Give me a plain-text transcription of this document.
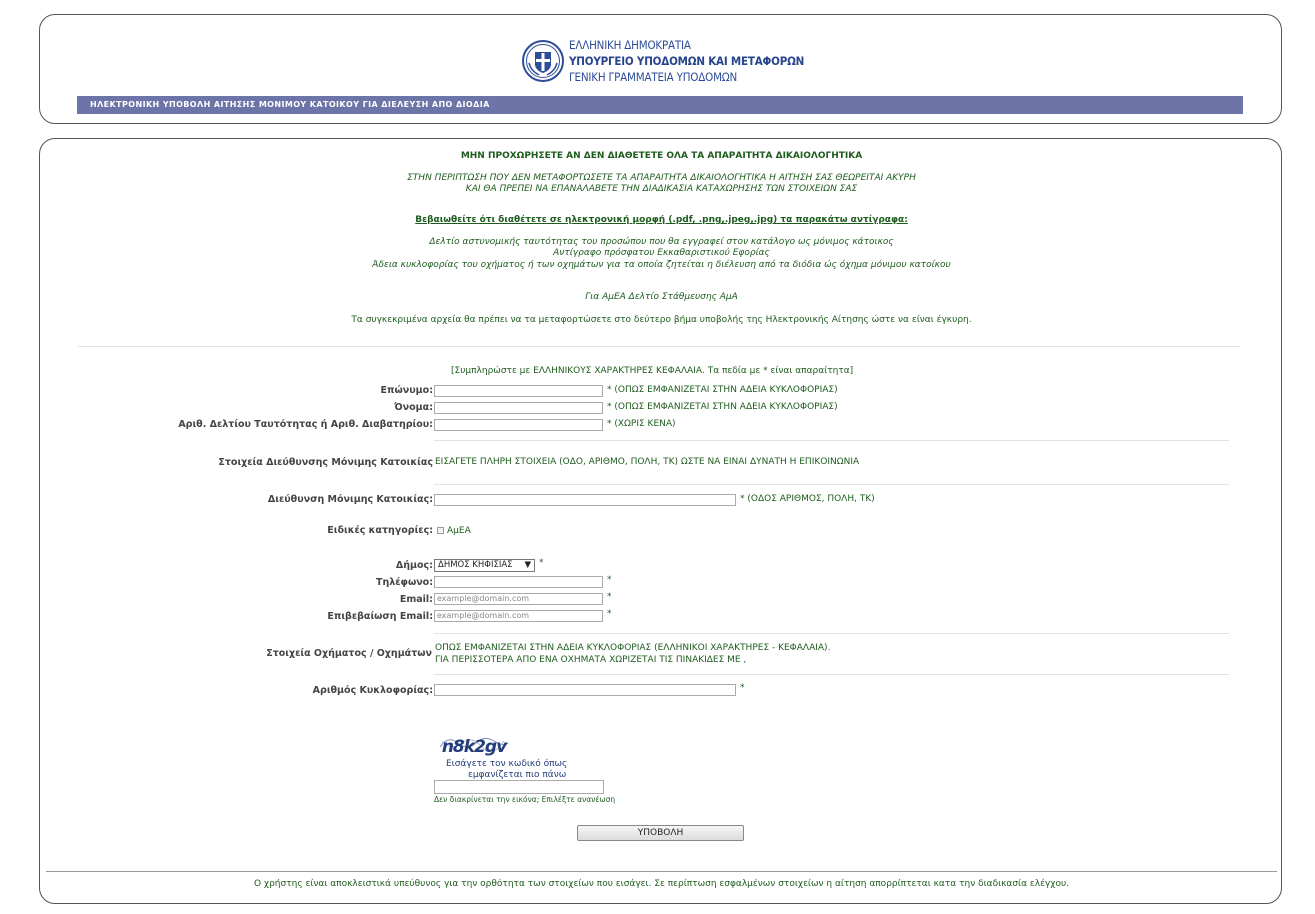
ΕΛΛΗΝΙΚΗ ΔΗΜΟΚΡΑΤΙΑ
ΥΠΟΥΡΓΕΙΟ ΥΠΟΔΟΜΩΝ ΚΑΙ ΜΕΤΑΦΟΡΩΝ
ΓΕΝΙΚΗ ΓΡΑΜΜΑΤΕΙΑ ΥΠΟΔΟΜΩΝ
ΗΛΕΚΤΡΟΝΙΚΗ ΥΠΟΒΟΛΗ ΑΙΤΗΣΗΣ ΜΟΝΙΜΟΥ ΚΑΤΟΙΚΟΥ ΓΙΑ ΔΙΕΛΕΥΣΗ ΑΠΟ ΔΙΟΔΙΑ
ΜΗΝ ΠΡΟΧΩΡΗΣΕΤΕ ΑΝ ΔΕΝ ΔΙΑΘΕΤΕΤΕ ΟΛΑ ΤΑ ΑΠΑΡΑΙΤΗΤΑ ΔΙΚΑΙΟΛΟΓΗΤΙΚΑ
ΣΤΗΝ ΠΕΡΙΠΤΩΣΗ ΠΟΥ ΔΕΝ ΜΕΤΑΦΟΡΤΩΣΕΤΕ ΤΑ ΑΠΑΡΑΙΤΗΤΑ ΔΙΚΑΙΟΛΟΓΗΤΙΚΑ Η ΑΙΤΗΣΗ ΣΑΣ ΘΕΩΡΕΙΤΑΙ ΑΚΥΡΗ
ΚΑΙ ΘΑ ΠΡΕΠΕΙ ΝΑ ΕΠΑΝΑΛΑΒΕΤΕ ΤΗΝ ΔΙΑΔΙΚΑΣΙΑ ΚΑΤΑΧΩΡΗΣΗΣ ΤΩΝ ΣΤΟΙΧΕΙΩΝ ΣΑΣ
Βεβαιωθείτε ότι διαθέτετε σε ηλεκτρονική μορφή (.pdf, .png,.jpeg,.jpg) τα παρακάτω αντίγραφα:
Δελτίο αστυνομικής ταυτότητας του προσώπου που θα εγγραφεί στον κατάλογο ως μόνιμος κάτοικος
Αντίγραφο πρόσφατου Εκκαθαριστικού Εφορίας
Άδεια κυκλοφορίας του οχήματος ή των οχημάτων για τα οποία ζητείται η διέλευση από τα διόδια ώς όχημα μόνιμου κατοίκου
Για ΑμΕΑ Δελτίο Στάθμευσης ΑμΑ
Τα συγκεκριμένα αρχεία θα πρέπει να τα μεταφορτώσετε στο δεύτερο βήμα υποβολής της Ηλεκτρονικής Αίτησης ώστε να είναι έγκυρη.
[Συμπληρώστε με ΕΛΛΗΝΙΚΟΥΣ ΧΑΡΑΚΤΗΡΕΣ ΚΕΦΑΛΑΙΑ. Τα πεδία με * είναι απαραίτητα]
Επώνυμο:	* (ΟΠΩΣ ΕΜΦΑΝΙΖΕΤΑΙ ΣΤΗΝ ΑΔΕΙΑ ΚΥΚΛΟΦΟΡΙΑΣ)
Όνομα:	* (ΟΠΩΣ ΕΜΦΑΝΙΖΕΤΑΙ ΣΤΗΝ ΑΔΕΙΑ ΚΥΚΛΟΦΟΡΙΑΣ)
Αριθ. Δελτίου Ταυτότητας ή Αριθ. Διαβατηρίου:	* (ΧΩΡΙΣ ΚΕΝΑ)
Στοιχεία Διεύθυνσης Μόνιμης Κατοικίας ΕΙΣΑΓΕΤΕ ΠΛΗΡΗ ΣΤΟΙΧΕΙΑ (ΟΔΟ, ΑΡΙΘΜΟ, ΠΟΛΗ, ΤΚ) ΩΣΤΕ ΝΑ ΕΙΝΑΙ ΔΥΝΑΤΗ Η ΕΠΙΚΟΙΝΩΝΙΑ
Διεύθυνση Μόνιμης Κατοικίας:	* (ΟΔΟΣ ΑΡΙΘΜΟΣ, ΠΟΛΗ, ΤΚ)
Ειδικές κατηγορίες: ΑμΕΑ
Δήμος: ΔΗΜΟΣ ΚΗΦΙΣΙΑΣ ▼ *
Τηλέφωνο:	*
Email: example@domain.com	*
Επιβεβαίωση Email: example@domain.com	*
Στοιχεία Οχήματος / Οχημάτων ΟΠΩΣ ΕΜΦΑΝΙΖΕΤΑΙ ΣΤΗΝ ΑΔΕΙΑ ΚΥΚΛΟΦΟΡΙΑΣ (ΕΛΛΗΝΙΚΟΙ ΧΑΡΑΚΤΗΡΕΣ - ΚΕΦΑΛΑΙΑ).
ΓΙΑ ΠΕΡΙΣΣΟΤΕΡΑ ΑΠΟ ΕΝΑ ΟΧΗΜΑΤΑ ΧΩΡΙΖΕΤΑΙ ΤΙΣ ΠΙΝΑΚΙΔΕΣ ΜΕ ,
Αριθμός Κυκλοφορίας:	*
n8k2gv
Εισάγετε τον κωδικό όπως
εμφανίζεται πιο πάνω
Δεν διακρίνεται την εικόνα; Επιλέξτε ανανέωση
ΥΠΟΒΟΛΗ
Ο χρήστης είναι αποκλειστικά υπεύθυνος για την ορθότητα των στοιχείων που εισάγει. Σε περίπτωση εσφαλμένων στοιχείων η αίτηση απορρίπτεται κατα την διαδικασία ελέγχου.
